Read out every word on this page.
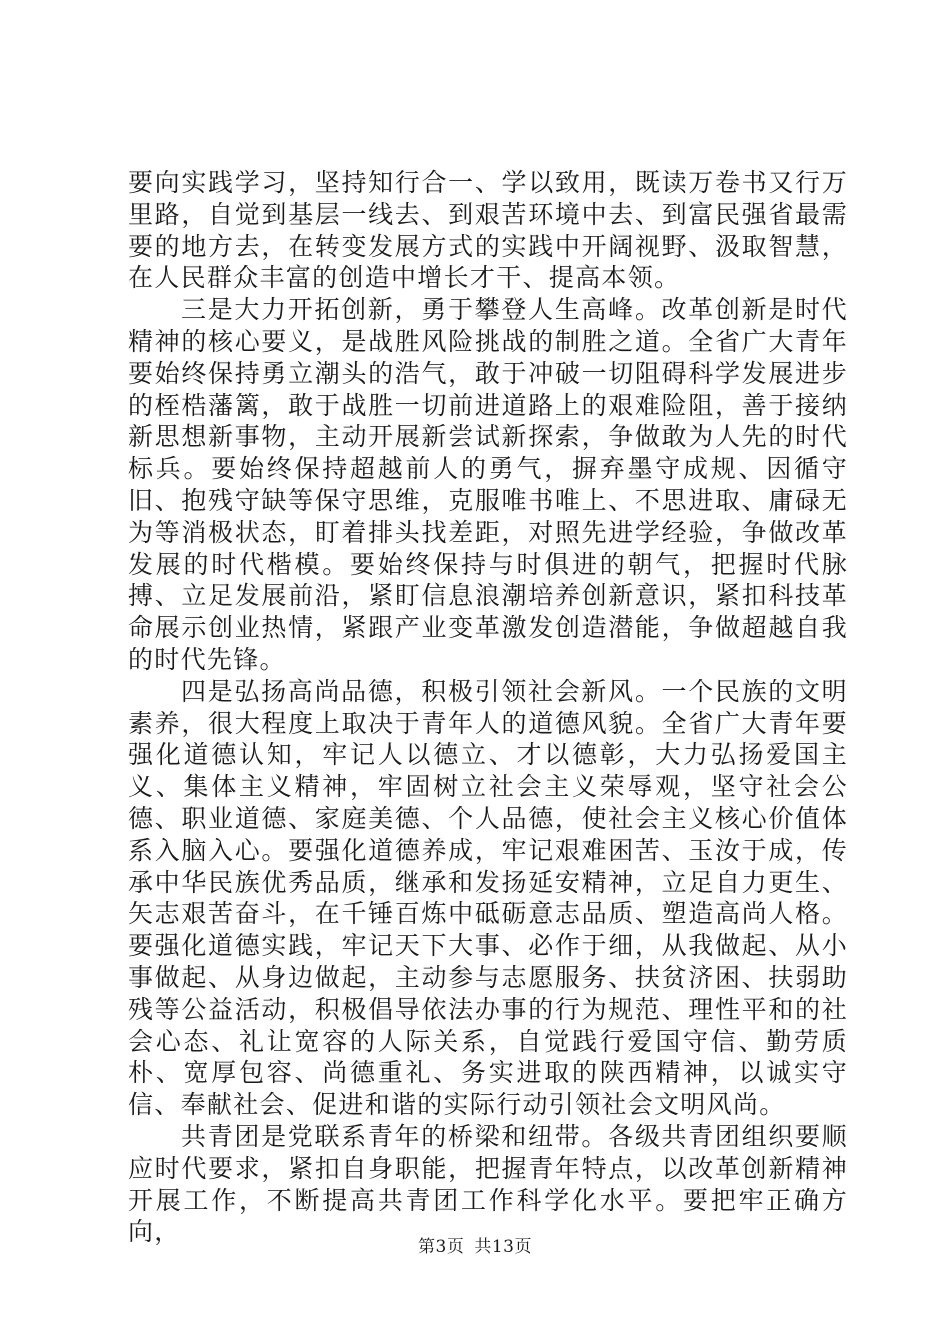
要向实践学习，坚持知行合一、学以致用，既读万卷书又行万里路，自觉到基层一线去、到艰苦环境中去、到富民强省最需要的地方去，在转变发展方式的实践中开阔视野、汲取智慧，在人民群众丰富的创造中增长才干、提高本领。

三是大力开拓创新，勇于攀登人生高峰。改革创新是时代精神的核心要义，是战胜风险挑战的制胜之道。全省广大青年要始终保持勇立潮头的浩气，敢于冲破一切阻碍科学发展进步的桎梏藩篱，敢于战胜一切前进道路上的艰难险阻，善于接纳新思想新事物，主动开展新尝试新探索，争做敢为人先的时代标兵。要始终保持超越前人的勇气，摒弃墨守成规、因循守旧、抱残守缺等保守思维，克服唯书唯上、不思进取、庸碌无为等消极状态，盯着排头找差距，对照先进学经验，争做改革发展的时代楷模。要始终保持与时俱进的朝气，把握时代脉搏、立足发展前沿，紧盯信息浪潮培养创新意识，紧扣科技革命展示创业热情，紧跟产业变革激发创造潜能，争做超越自我的时代先锋。

四是弘扬高尚品德，积极引领社会新风。一个民族的文明素养，很大程度上取决于青年人的道德风貌。全省广大青年要强化道德认知，牢记人以德立、才以德彰，大力弘扬爱国主义、集体主义精神，牢固树立社会主义荣辱观，坚守社会公德、职业道德、家庭美德、个人品德，使社会主义核心价值体系入脑入心。要强化道德养成，牢记艰难困苦、玉汝于成，传承中华民族优秀品质，继承和发扬延安精神，立足自力更生、矢志艰苦奋斗，在千锤百炼中砥砺意志品质、塑造高尚人格。要强化道德实践，牢记天下大事、必作于细，从我做起、从小事做起、从身边做起，主动参与志愿服务、扶贫济困、扶弱助残等公益活动，积极倡导依法办事的行为规范、理性平和的社会心态、礼让宽容的人际关系，自觉践行爱国守信、勤劳质朴、宽厚包容、尚德重礼、务实进取的陕西精神，以诚实守信、奉献社会、促进和谐的实际行动引领社会文明风尚。

共青团是党联系青年的桥梁和纽带。各级共青团组织要顺应时代要求，紧扣自身职能，把握青年特点，以改革创新精神开展工作，不断提高共青团工作科学化水平。要把牢正确方向，

第3页 共13页
